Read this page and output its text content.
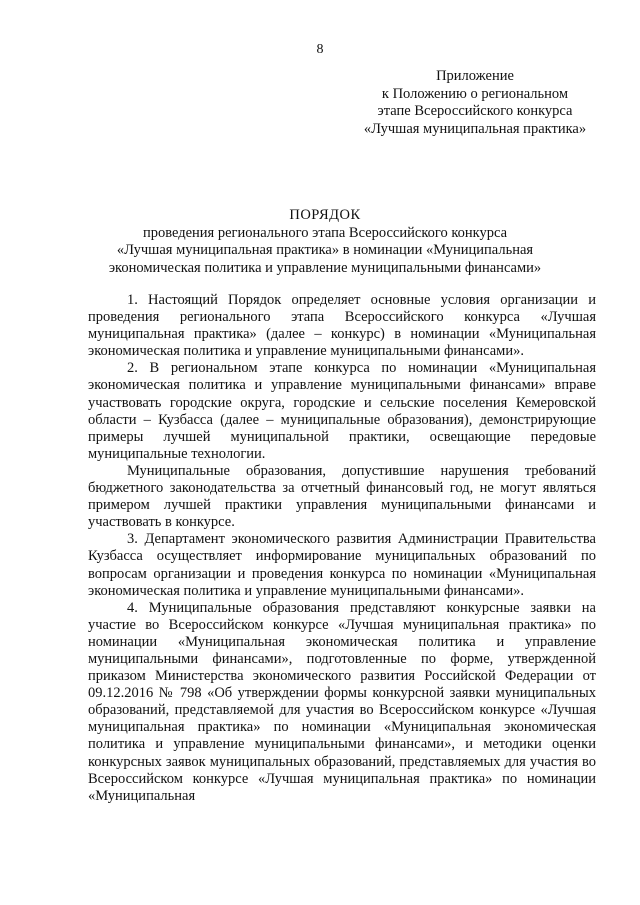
8
Приложение
к Положению о региональном
этапе Всероссийского конкурса
«Лучшая муниципальная практика»
ПОРЯДОК
проведения регионального этапа Всероссийского конкурса
«Лучшая муниципальная практика» в номинации «Муниципальная
экономическая политика и управление муниципальными финансами»

1. Настоящий Порядок определяет основные условия организации и проведения регионального этапа Всероссийского конкурса «Лучшая муниципальная практика» (далее – конкурс) в номинации «Муниципальная экономическая политика и управление муниципальными финансами».

2. В региональном этапе конкурса по номинации «Муниципальная экономическая политика и управление муниципальными финансами» вправе участвовать городские округа, городские и сельские поселения Кемеровской области – Кузбасса (далее – муниципальные образования), демонстрирующие примеры лучшей муниципальной практики, освещающие передовые муниципальные технологии.

Муниципальные образования, допустившие нарушения требований бюджетного законодательства за отчетный финансовый год, не могут являться примером лучшей практики управления муниципальными финансами и участвовать в конкурсе.

3. Департамент экономического развития Администрации Правительства Кузбасса осуществляет информирование муниципальных образований по вопросам организации и проведения конкурса по номинации «Муниципальная экономическая политика и управление муниципальными финансами».

4. Муниципальные образования представляют конкурсные заявки на участие во Всероссийском конкурсе «Лучшая муниципальная практика» по номинации «Муниципальная экономическая политика и управление муниципальными финансами», подготовленные по форме, утвержденной приказом Министерства экономического развития Российской Федерации от 09.12.2016 № 798 «Об утверждении формы конкурсной заявки муниципальных образований, представляемой для участия во Всероссийском конкурсе «Лучшая муниципальная практика» по номинации «Муниципальная экономическая политика и управление муниципальными финансами», и методики оценки конкурсных заявок муниципальных образований, представляемых для участия во Всероссийском конкурсе «Лучшая муниципальная практика» по номинации «Муниципальная
